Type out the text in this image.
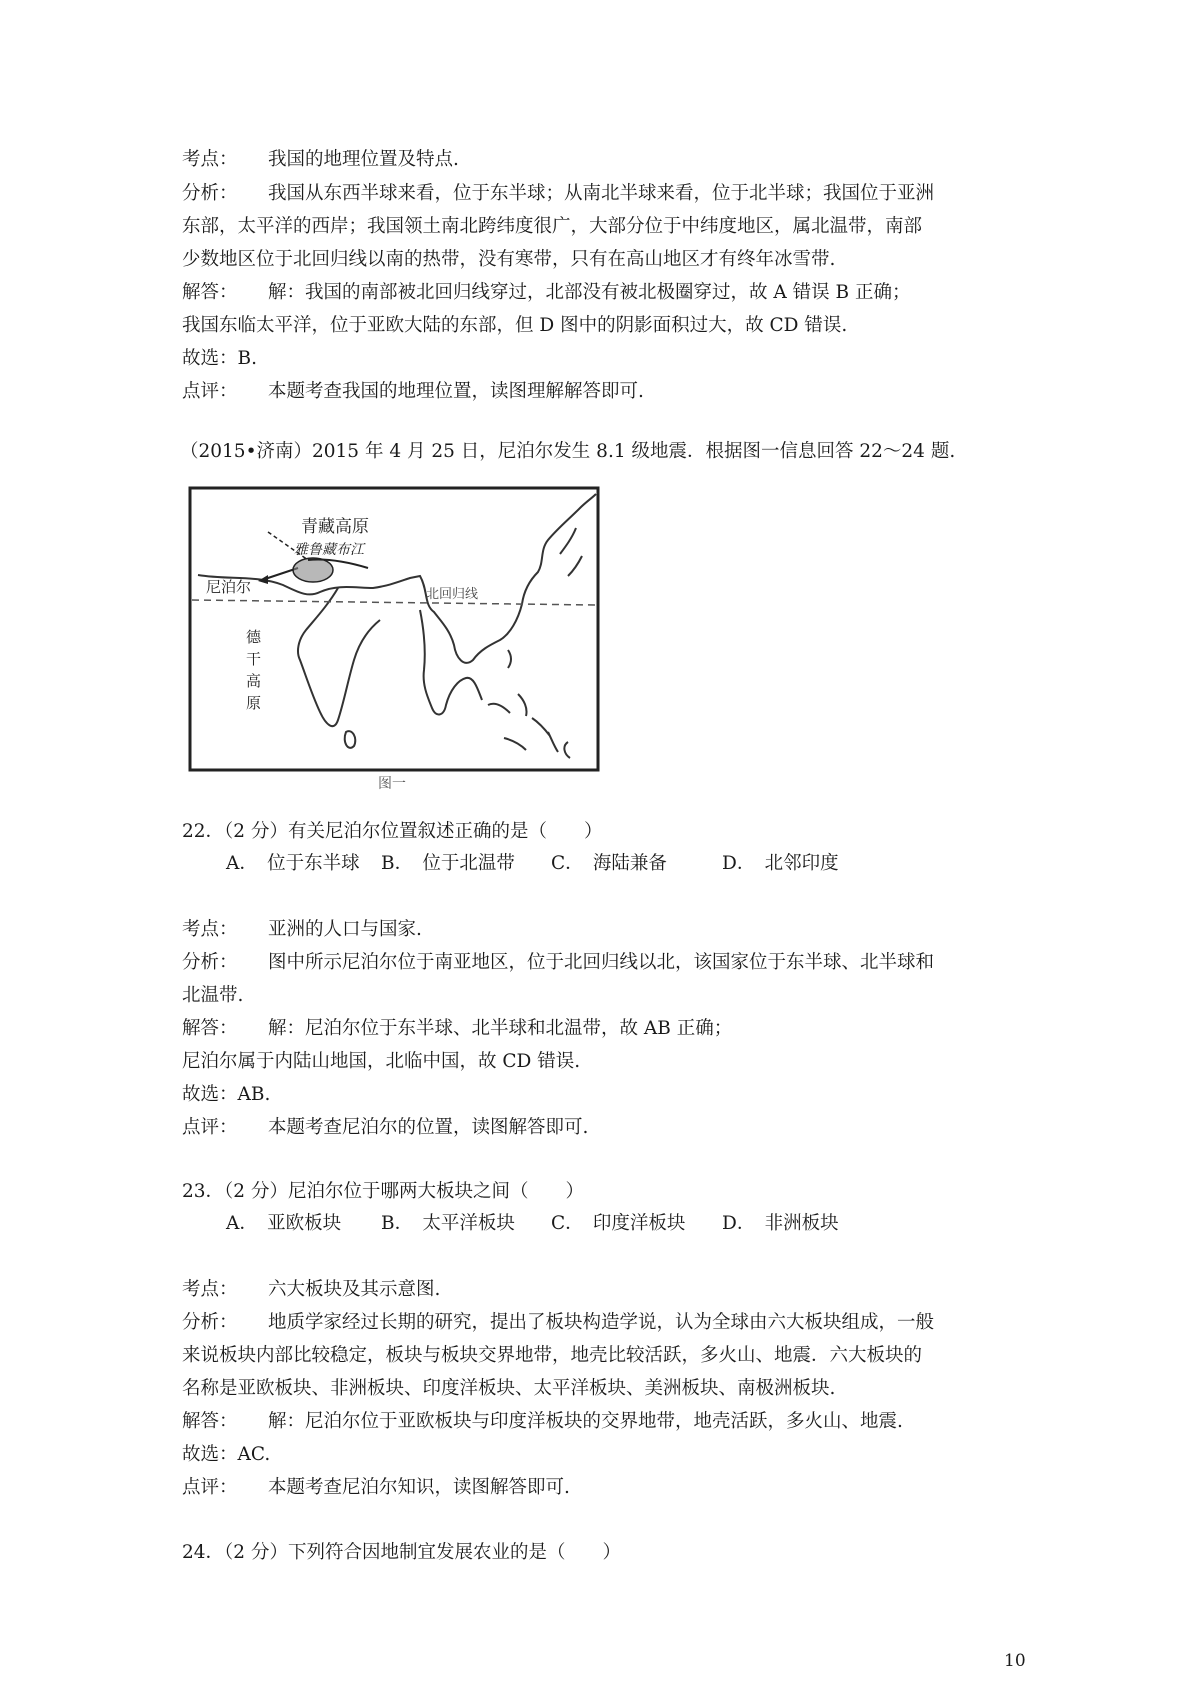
考点： 我国的地理位置及特点.
分析： 我国从东西半球来看，位于东半球；从南北半球来看，位于北半球；我国位于亚洲
东部，太平洋的西岸；我国领土南北跨纬度很广，大部分位于中纬度地区，属北温带，南部
少数地区位于北回归线以南的热带，没有寒带，只有在高山地区才有终年冰雪带.
解答： 解：我国的南部被北回归线穿过，北部没有被北极圈穿过，故 A 错误 B 正确；
我国东临太平洋，位于亚欧大陆的东部，但 D 图中的阴影面积过大，故 CD 错误.
故选：B.
点评： 本题考查我国的地理位置，读图理解解答即可.
（2015•济南）2015 年 4 月 25 日，尼泊尔发生 8.1 级地震．根据图一信息回答 22～24 题.
青藏高原
雅鲁藏布江
尼泊尔	北回归线
德
干
高
原
图一
22．（2 分）有关尼泊尔位置叙述正确的是（　　）
A．　位于东半球 B．　位于北温带 C．　海陆兼备	D．　北邻印度
考点： 亚洲的人口与国家.
分析： 图中所示尼泊尔位于南亚地区，位于北回归线以北，该国家位于东半球、北半球和
北温带.
解答： 解：尼泊尔位于东半球、北半球和北温带，故 AB 正确；
尼泊尔属于内陆山地国，北临中国，故 CD 错误.
故选：AB.
点评： 本题考查尼泊尔的位置，读图解答即可.
23．（2 分）尼泊尔位于哪两大板块之间（　　）
A．　亚欧板块 B．　太平洋板块 C．　印度洋板块 D．　非洲板块
考点： 六大板块及其示意图.
分析： 地质学家经过长期的研究，提出了板块构造学说，认为全球由六大板块组成，一般
来说板块内部比较稳定，板块与板块交界地带，地壳比较活跃，多火山、地震．六大板块的
名称是亚欧板块、非洲板块、印度洋板块、太平洋板块、美洲板块、南极洲板块.
解答： 解：尼泊尔位于亚欧板块与印度洋板块的交界地带，地壳活跃，多火山、地震.
故选：AC.
点评： 本题考查尼泊尔知识，读图解答即可.
24．（2 分）下列符合因地制宜发展农业的是（　　）
10
